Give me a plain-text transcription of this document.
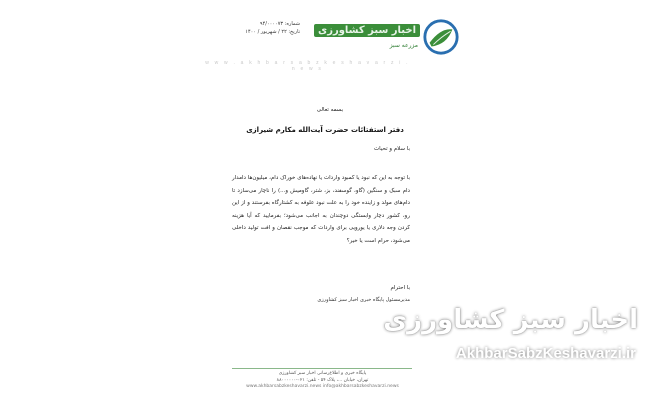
اخبار سبز کشاورزی
مزرعه سبز
شماره: ۹۴/۰۰۰۰۷۳
تاریخ: ۲۲ / شهریور / ۱۴۰۰
w w w . a k h b a r s a b z k e s h a v a r z i . n e w s
بسمه تعالی
دفتر استفتائات حضرت آیت‌الله مکارم شیرازی
با سلام و تحیات

با توجه به این که نبود یا کمبود واردات یا نهاده‌های خوراک دام، میلیون‌ها دامدار دام سبک و سنگین (گاو، گوسفند، بز، شتر، گاومیش و...) را ناچار می‌سازد تا دام‌های مولد و زاینده خود را به علت نبود علوفه به کشتارگاه بفرستند و از این رو، کشور دچار وابستگی دوچندان به اجانب می‌شود؛ بفرمایید که آیا هزینه کردن وجه دلاری یا یورویی برای واردات که موجب نقصان و افت تولید داخلی می‌شود، حرام است یا خیر؟

با احترام
مدیرمسئول پایگاه خبری اخبار سبز کشاورزی
پایگاه خبری و اطلاع‌رسانی اخبار سبز کشاورزی
تهران، خیابان ...، پلاک ۵۴ - تلفن: ۰۲۱-۸۸۰۰۰۰۰۰
www.akhbarsabzkeshavarzi.news info@akhbarsabzkeshavarzi.news
اخبار سبز کشاورزی
AkhbarSabzKeshavarzi.ir
